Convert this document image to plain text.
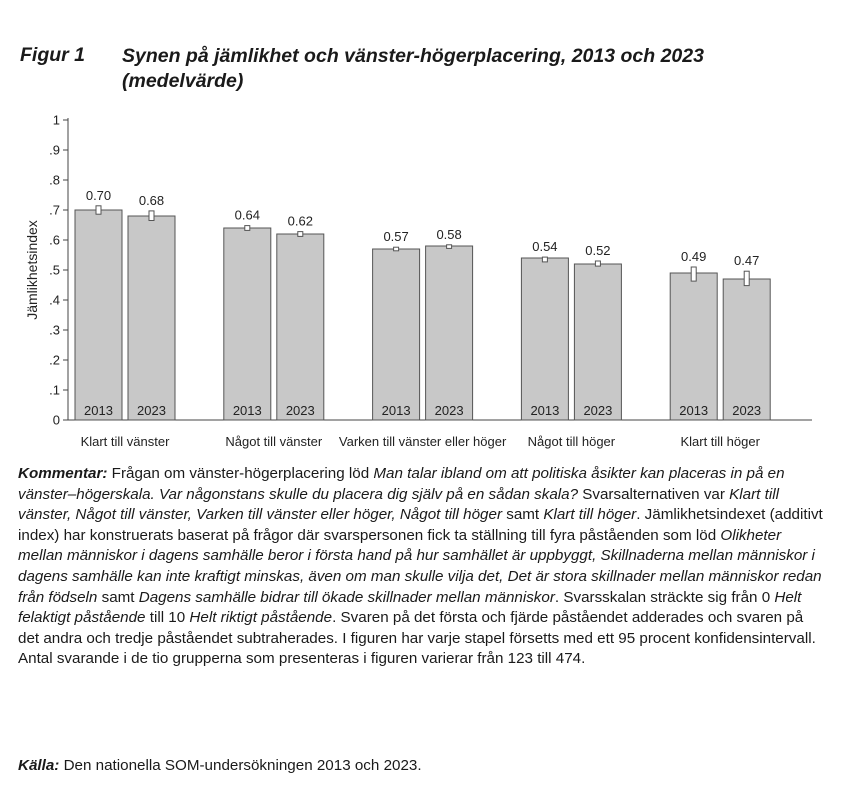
Figur 1 Synen på jämlikhet och vänster-högerplacering, 2013 och 2023 (medelvärde)
0
.1
.2
.3
.4
.5
.6
.7
.8
.9
1
Jämlikhetsindex
0.70
2013
0.68
2023
Klart till vänster
0.64
2013
0.62
2023
Något till vänster
0.57
2013
0.58
2023
Varken till vänster eller höger
0.54
2013
0.52
2023
Något till höger
0.49
2013
0.47
2023
Klart till höger

Kommentar: Frågan om vänster-högerplacering löd Man talar ibland om att politiska åsikter kan placeras in på en vänster–högerskala. Var någonstans skulle du placera dig själv på en sådan skala? Svarsalternativen var Klart till vänster, Något till vänster, Varken till vänster eller höger, Något till höger samt Klart till höger. Jämlikhetsindexet (additivt index) har konstruerats baserat på frågor där svarspersonen fick ta ställning till fyra påståenden som löd Olikheter mellan människor i dagens samhälle beror i första hand på hur samhället är uppbyggt, Skillnaderna mellan människor i dagens samhälle kan inte kraftigt minskas, även om man skulle vilja det, Det är stora skillnader mellan människor redan från födseln samt Dagens samhälle bidrar till ökade skillnader mellan människor. Svarsskalan sträckte sig från 0 Helt felaktigt påstående till 10 Helt riktigt påstående. Svaren på det första och fjärde påståendet adderades och svaren på det andra och tredje påståendet subtraherades. I figuren har varje stapel försetts med ett 95 procent konfidensintervall. Antal svarande i de tio grupperna som presenteras i figuren varierar från 123 till 474.

Källa: Den nationella SOM-undersökningen 2013 och 2023.
